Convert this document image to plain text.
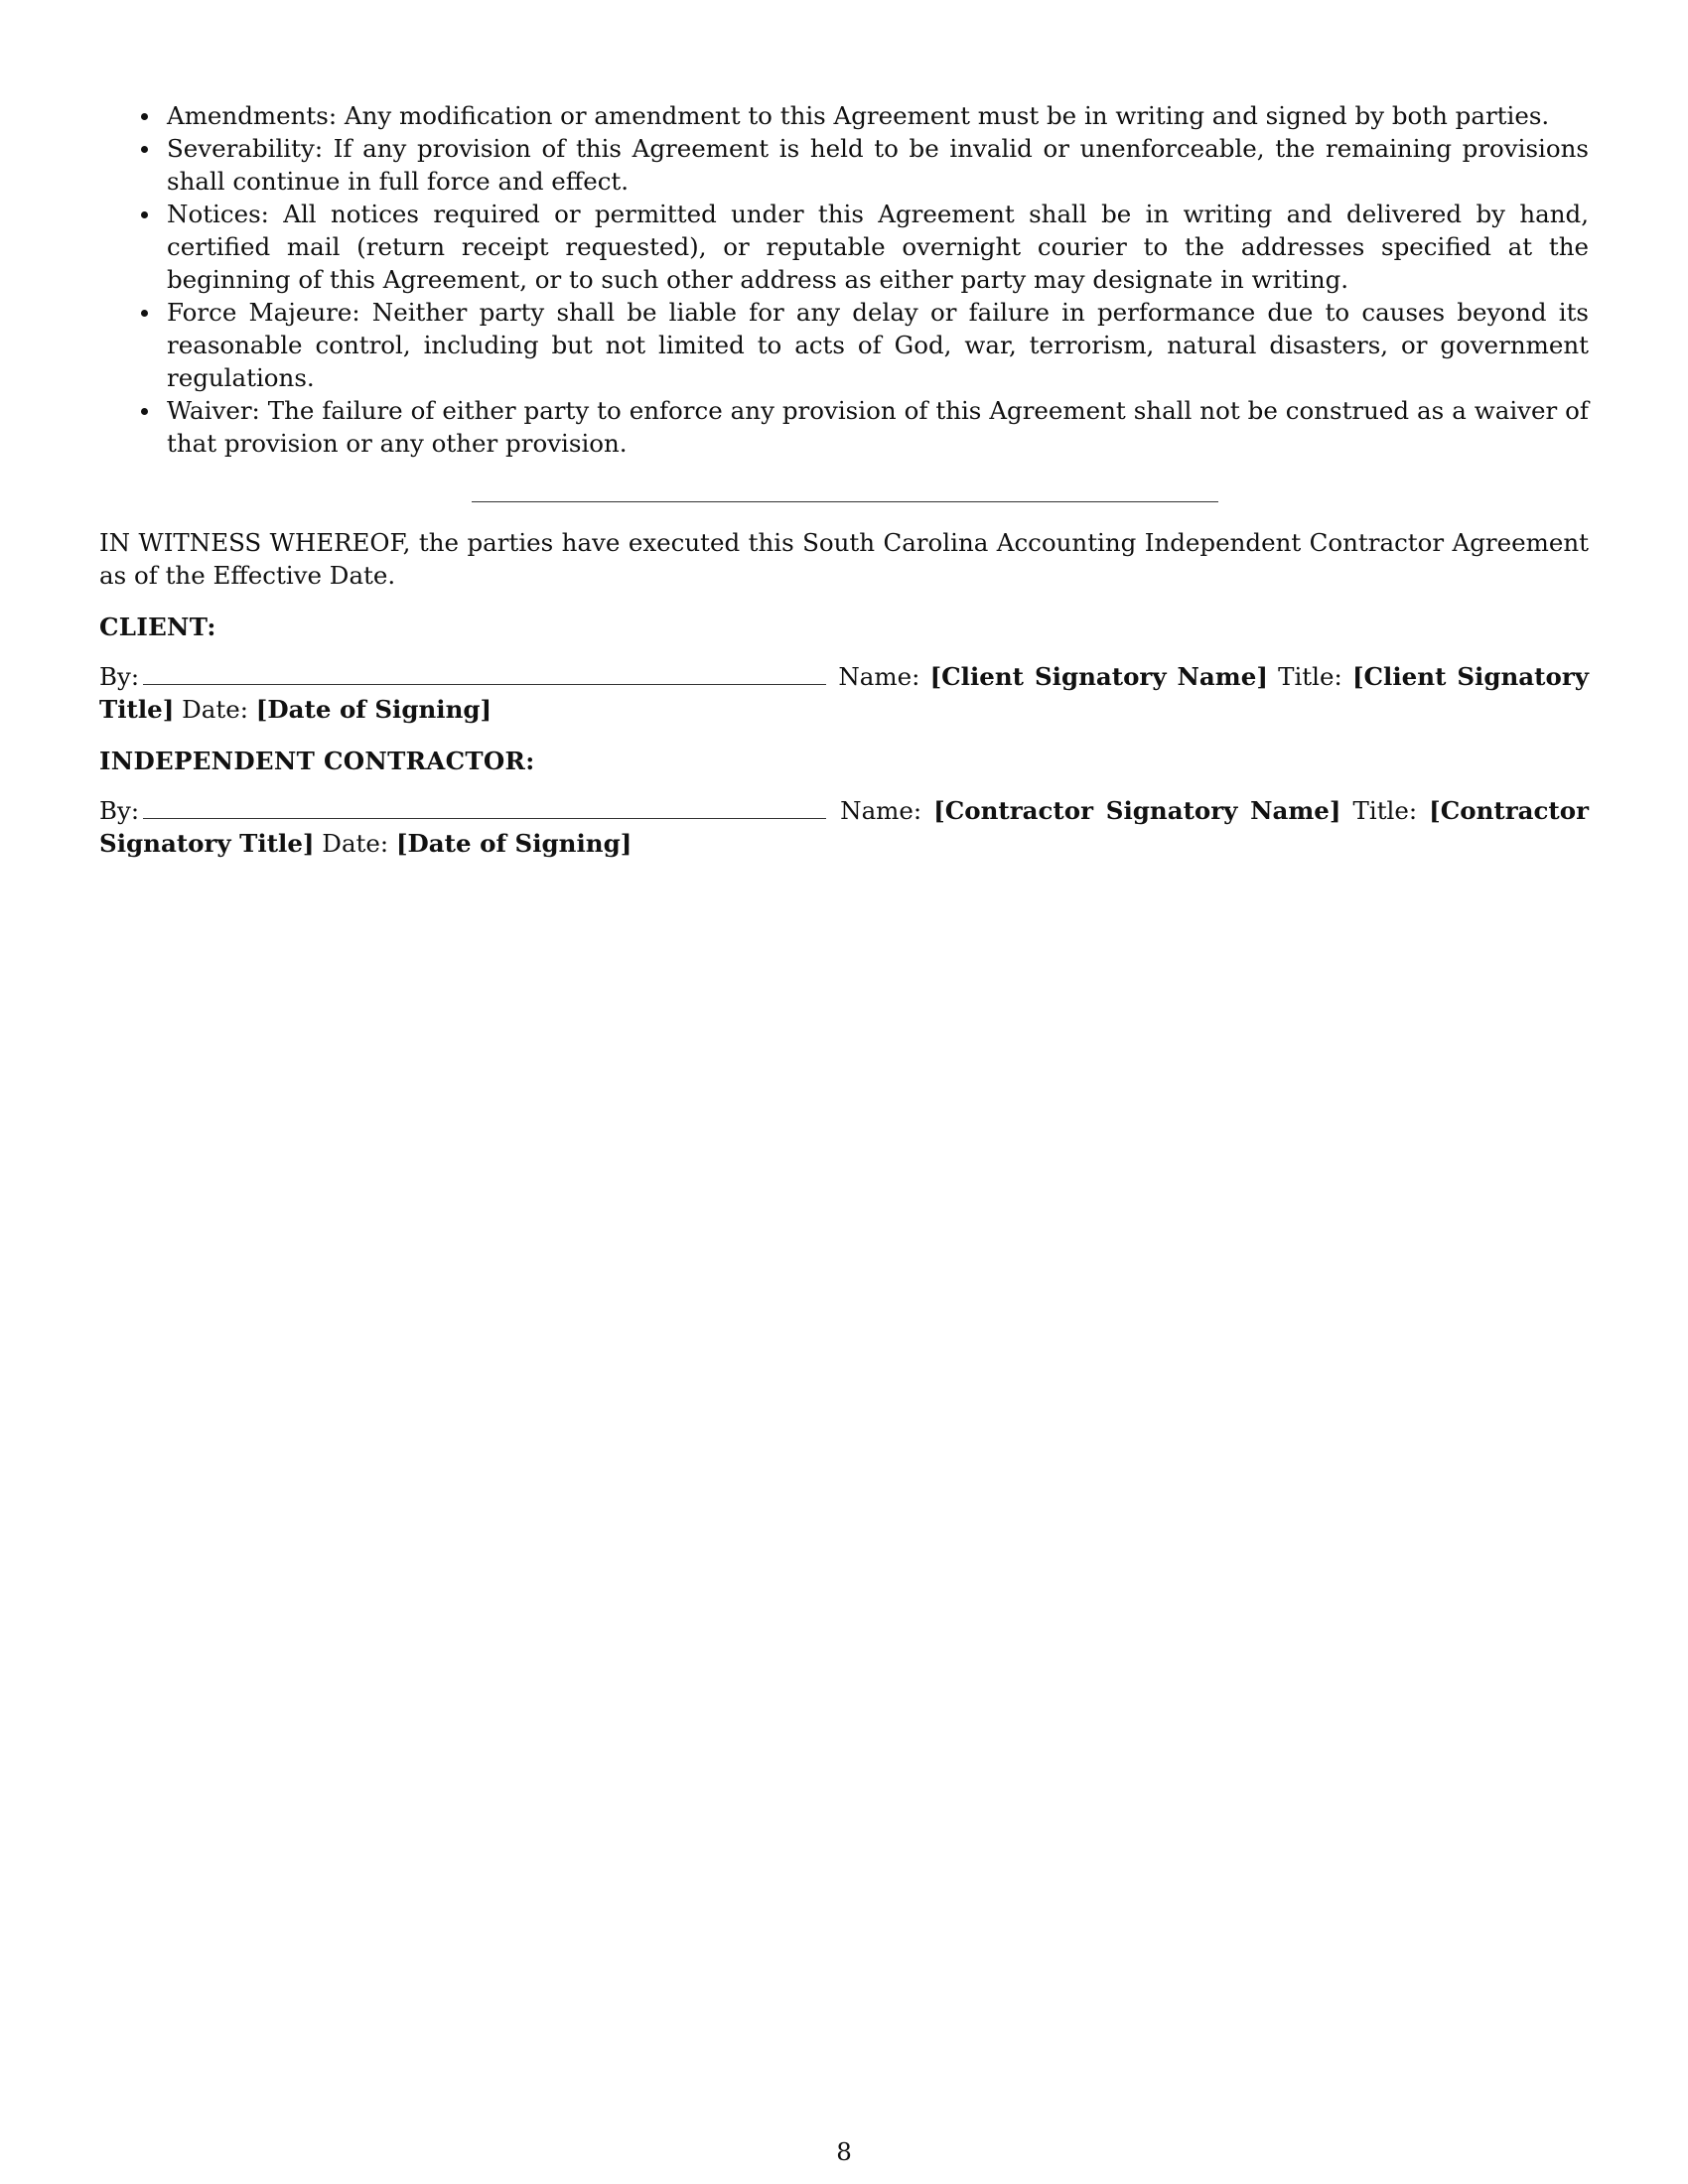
Amendments: Any modification or amendment to this Agreement must be in writing and signed by both parties.
Severability: If any provision of this Agreement is held to be invalid or unenforceable, the remaining provisions shall continue in full force and effect.
Notices: All notices required or permitted under this Agreement shall be in writing and delivered by hand, certified mail (return receipt requested), or reputable overnight courier to the addresses specified at the beginning of this Agreement, or to such other address as either party may designate in writing.
Force Majeure: Neither party shall be liable for any delay or failure in performance due to causes beyond its reasonable control, including but not limited to acts of God, war, terrorism, natural disasters, or government regulations.
Waiver: The failure of either party to enforce any provision of this Agreement shall not be construed as a waiver of that provision or any other provision.

IN WITNESS WHEREOF, the parties have executed this South Carolina Accounting Independent Contractor Agreement as of the Effective Date.

CLIENT:

By:	Name: [Client Signatory Name] Title: [Client Signatory Title] Date: [Date of Signing]

INDEPENDENT CONTRACTOR:

By:	Name: [Contractor Signatory Name] Title: [Contractor Signatory Title] Date: [Date of Signing]

8
